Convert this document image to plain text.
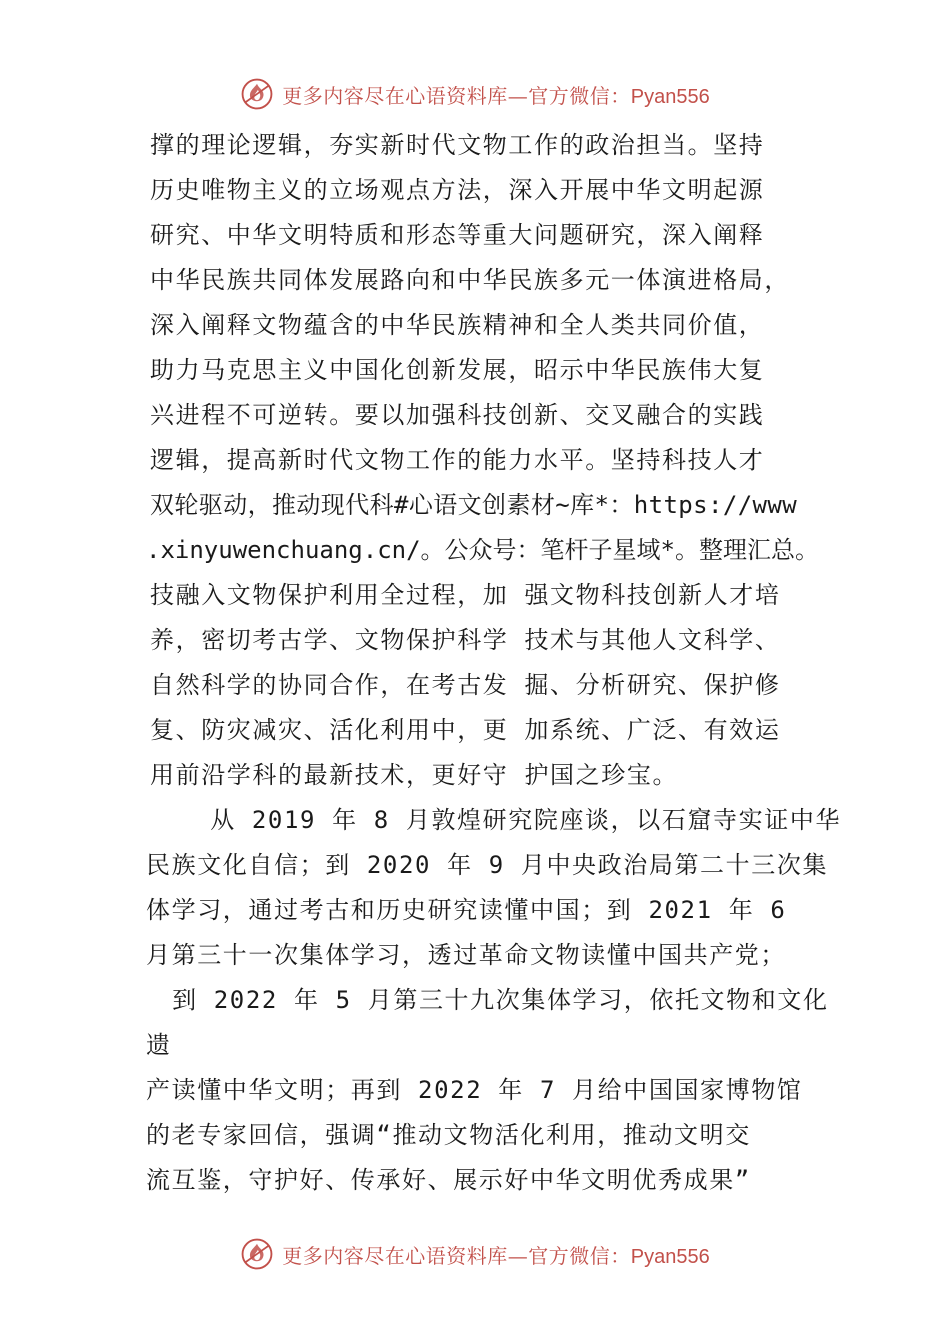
更多内容尽在心语资料库—官方微信：Pyan556
撑的理论逻辑，夯实新时代文物工作的政治担当。坚持
历史唯物主义的立场观点方法，深入开展中华文明起源
研究、中华文明特质和形态等重大问题研究，深入阐释
中华民族共同体发展路向和中华民族多元一体演进格局，
深入阐释文物蕴含的中华民族精神和全人类共同价值，
助力马克思主义中国化创新发展，昭示中华民族伟大复
兴进程不可逆转。要以加强科技创新、交叉融合的实践
逻辑，提高新时代文物工作的能力水平。坚持科技人才
双轮驱动，推动现代科#心语文创素材~库*：https://www
.xinyuwenchuang.cn/。公众号：笔杆子星域*。整理汇总。
技融入文物保护利用全过程，加 强文物科技创新人才培
养，密切考古学、文物保护科学 技术与其他人文科学、
自然科学的协同合作，在考古发 掘、分析研究、保护修
复、防灾减灾、活化利用中，更 加系统、广泛、有效运
用前沿学科的最新技术，更好守 护国之珍宝。
从 2019 年 8 月敦煌研究院座谈，以石窟寺实证中华
民族文化自信；到 2020 年 9 月中央政治局第二十三次集
体学习，通过考古和历史研究读懂中国；到 2021 年 6
月第三十一次集体学习，透过革命文物读懂中国共产党；
到 2022 年 5 月第三十九次集体学习，依托文物和文化
遗
产读懂中华文明；再到 2022 年 7 月给中国国家博物馆
的老专家回信，强调“推动文物活化利用，推动文明交
流互鉴，守护好、传承好、展示好中华文明优秀成果”
更多内容尽在心语资料库—官方微信：Pyan556
